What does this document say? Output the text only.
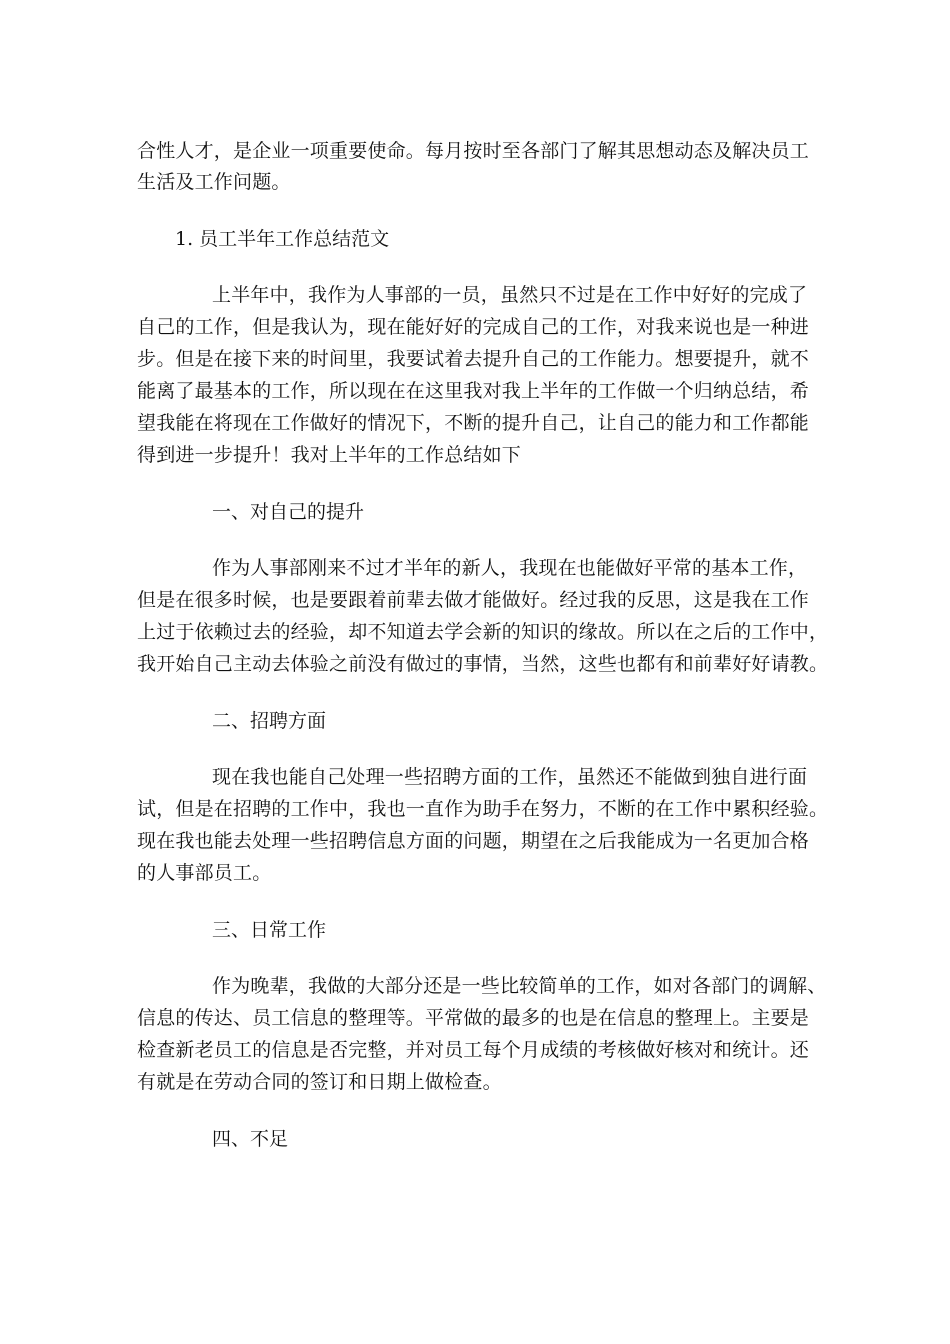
合性人才，是企业一项重要使命。每月按时至各部门了解其思想动态及解决员工
生活及工作问题。
1. 员工半年工作总结范文
上半年中，我作为人事部的一员，虽然只不过是在工作中好好的完成了
自己的工作，但是我认为，现在能好好的完成自己的工作，对我来说也是一种进
步。但是在接下来的时间里，我要试着去提升自己的工作能力。想要提升，就不
能离了最基本的工作，所以现在在这里我对我上半年的工作做一个归纳总结，希
望我能在将现在工作做好的情况下，不断的提升自己，让自己的能力和工作都能
得到进一步提升！我对上半年的工作总结如下
一、对自己的提升
作为人事部刚来不过才半年的新人，我现在也能做好平常的基本工作，
但是在很多时候，也是要跟着前辈去做才能做好。经过我的反思，这是我在工作
上过于依赖过去的经验，却不知道去学会新的知识的缘故。所以在之后的工作中，
我开始自己主动去体验之前没有做过的事情，当然，这些也都有和前辈好好请教。
二、招聘方面
现在我也能自己处理一些招聘方面的工作，虽然还不能做到独自进行面
试，但是在招聘的工作中，我也一直作为助手在努力，不断的在工作中累积经验。
现在我也能去处理一些招聘信息方面的问题，期望在之后我能成为一名更加合格
的人事部员工。
三、日常工作
作为晚辈，我做的大部分还是一些比较简单的工作，如对各部门的调解、
信息的传达、员工信息的整理等。平常做的最多的也是在信息的整理上。主要是
检查新老员工的信息是否完整，并对员工每个月成绩的考核做好核对和统计。还
有就是在劳动合同的签订和日期上做检查。
四、不足
